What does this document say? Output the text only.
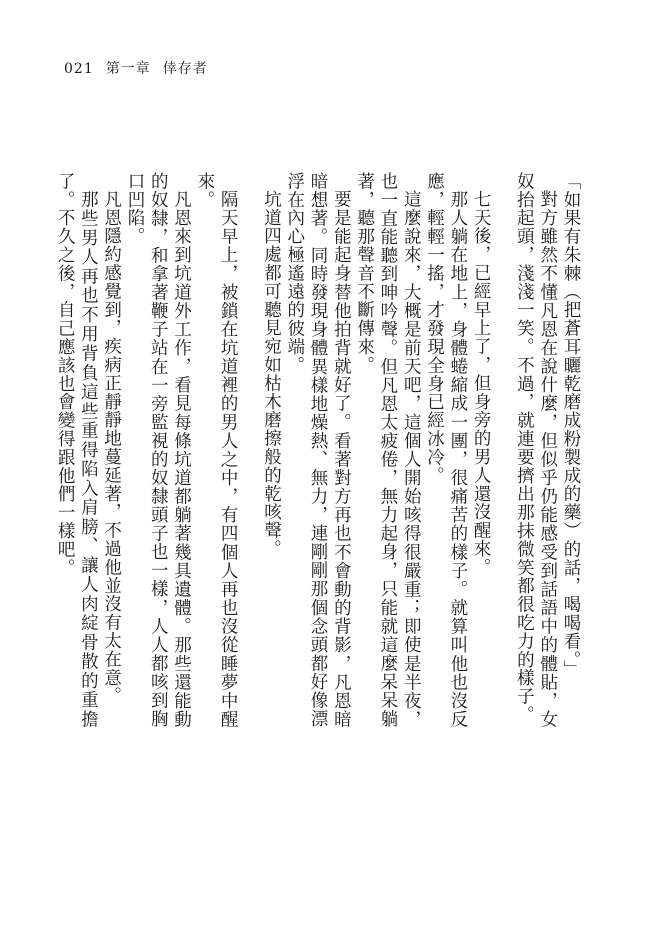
021 第一章 倖存者

「如果有朱棘（把蒼耳曬乾磨成粉製成的藥）的話，喝喝看。」

對方雖然不懂凡恩在說什麼，但似乎仍能感受到話語中的體貼，女奴抬起頭，淺淺一笑。不過，就連要擠出那抹微笑都很吃力的樣子。

七天後，已經早上了，但身旁的男人還沒醒來。

那人躺在地上，身體蜷縮成一團，很痛苦的樣子。就算叫他也沒反應，輕輕一搖，才發現全身已經冰冷。

這麼說來，大概是前天吧，這個人開始咳得很嚴重；即使是半夜，也一直能聽到呻吟聲。但凡恩太疲倦，無力起身，只能就這麼呆呆躺著，聽那聲音不斷傳來。

要是能起身替他拍背就好了。看著對方再也不會動的背影，凡恩暗暗想著。同時發現身體異樣地燥熱、無力，連剛剛那個念頭都好像漂浮在內心極遙遠的彼端。

坑道四處都可聽見宛如枯木磨擦般的乾咳聲。

隔天早上，被鎖在坑道裡的男人之中，有四個人再也沒從睡夢中醒來。

凡恩來到坑道外工作，看見每條坑道都躺著幾具遺體。那些還能動的奴隸，和拿著鞭子站在一旁監視的奴隸頭子也一樣，人人都咳到胸口凹陷。

凡恩隱約感覺到，疾病正靜靜地蔓延著，不過他並沒有太在意。

那些男人再也不用背負這些重得陷入肩膀、讓人肉綻骨散的重擔了。不久之後，自己應該也會變得跟他們一樣吧。
